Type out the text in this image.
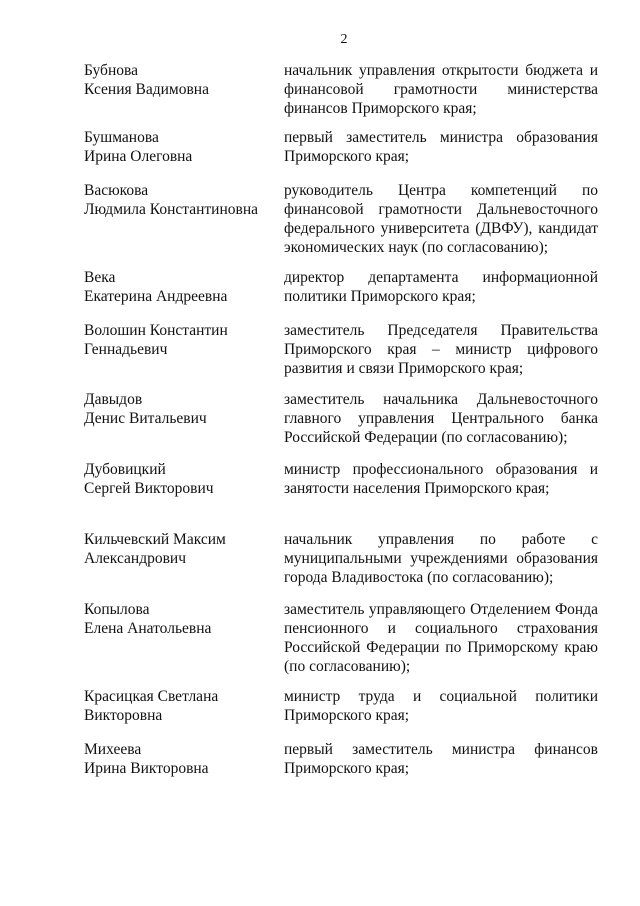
2
Бубнова
Ксения Вадимовна
начальник управления открытости бюджета и финансовой грамотности министерства финансов Приморского края;
Бушманова
Ирина Олеговна
первый заместитель министра образования Приморского края;
Васюкова
Людмила Константиновна
руководитель Центра компетенций по финансовой грамотности Дальневосточного федерального университета (ДВФУ), кандидат экономических наук (по согласованию);
Века
Екатерина Андреевна
директор департамента информационной политики Приморского края;
Волошин Константин
Геннадьевич
заместитель Председателя Правительства Приморского края – министр цифрового развития и связи Приморского края;
Давыдов
Денис Витальевич
заместитель начальника Дальневосточного главного управления Центрального банка Российской Федерации (по согласованию);
Дубовицкий
Сергей Викторович
министр профессионального образования и занятости населения Приморского края;
Кильчевский Максим
Александрович
начальник управления по работе с муниципальными учреждениями образования города Владивостока (по согласованию);
Копылова
Елена Анатольевна
заместитель управляющего Отделением Фонда пенсионного и социального страхования Российской Федерации по Приморскому краю (по согласованию);
Красицкая Светлана
Викторовна
министр труда и социальной политики Приморского края;
Михеева
Ирина Викторовна
первый заместитель министра финансов Приморского края;
